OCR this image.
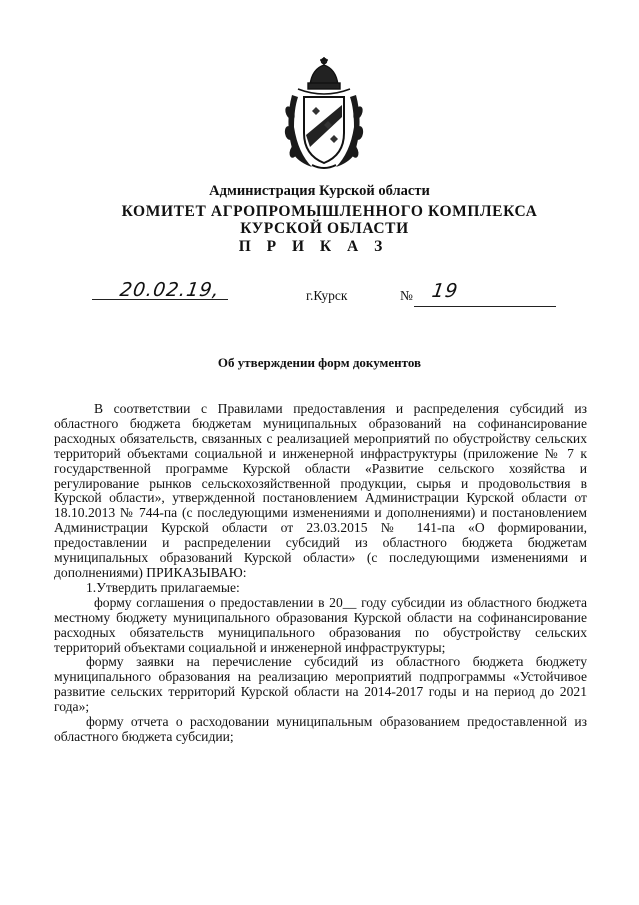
Администрация Курской области
КОМИТЕТ АГРОПРОМЫШЛЕННОГО КОМПЛЕКСА
КУРСКОЙ ОБЛАСТИ
П Р И К А З
20.02.19,	г.Курск	№ 19
Об утверждении форм документов

В соответствии с Правилами предоставления и распределения субсидий из областного бюджета бюджетам муниципальных образований на софинансирование расходных обязательств, связанных с реализацией мероприятий по обустройству сельских территорий объектами социальной и инженерной инфраструктуры (приложение № 7 к государственной программе Курской области «Развитие сельского хозяйства и регулирование рынков сельскохозяйственной продукции, сырья и продовольствия в Курской области», утвержденной постановлением Администрации Курской области от 18.10.2013 № 744-па (с последующими изменениями и дополнениями) и постановлением Администрации Курской области от 23.03.2015 № 141-па «О формировании, предоставлении и распределении субсидий из областного бюджета бюджетам муниципальных образований Курской области» (с последующими изменениями и дополнениями) ПРИКАЗЫВАЮ:

1.Утвердить прилагаемые:

форму соглашения о предоставлении в 20__ году субсидии из областного бюджета местному бюджету муниципального образования Курской области на софинансирование расходных обязательств муниципального образования по обустройству сельских территорий объектами социальной и инженерной инфраструктуры;

форму заявки на перечисление субсидий из областного бюджета бюджету муниципального образования на реализацию мероприятий подпрограммы «Устойчивое развитие сельских территорий Курской области на 2014-2017 годы и на период до 2021 года»;

форму отчета о расходовании муниципальным образованием предоставленной из областного бюджета субсидии;
